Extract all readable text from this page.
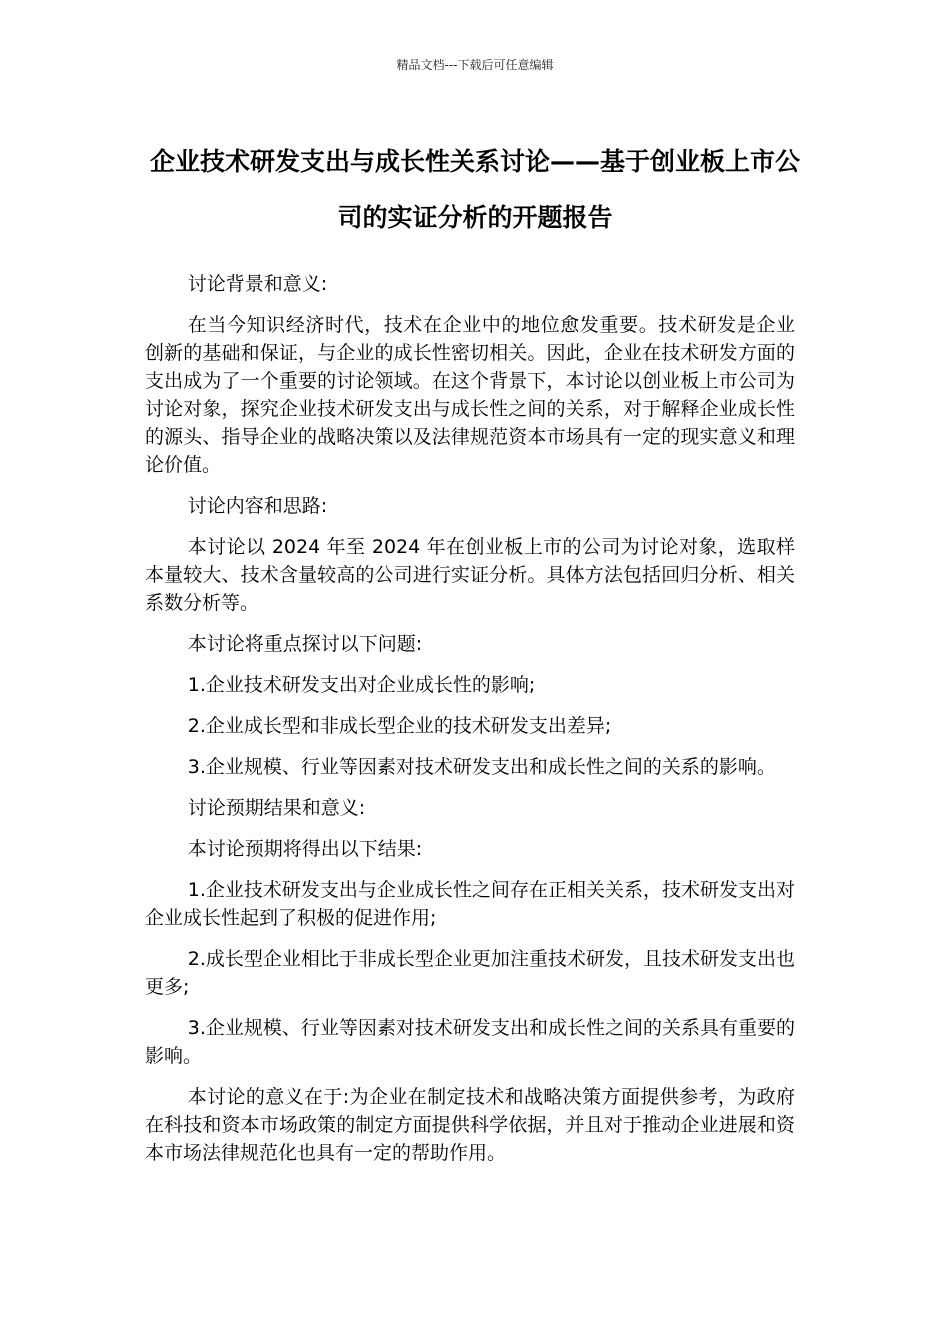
精品文档---下载后可任意编辑
企业技术研发支出与成长性关系讨论——基于创业板上市公司的实证分析的开题报告

讨论背景和意义:

在当今知识经济时代，技术在企业中的地位愈发重要。技术研发是企业创新的基础和保证，与企业的成长性密切相关。因此，企业在技术研发方面的支出成为了一个重要的讨论领域。在这个背景下，本讨论以创业板上市公司为讨论对象，探究企业技术研发支出与成长性之间的关系，对于解释企业成长性的源头、指导企业的战略决策以及法律规范资本市场具有一定的现实意义和理论价值。

讨论内容和思路:

本讨论以 2024 年至 2024 年在创业板上市的公司为讨论对象，选取样本量较大、技术含量较高的公司进行实证分析。具体方法包括回归分析、相关系数分析等。

本讨论将重点探讨以下问题:

1.企业技术研发支出对企业成长性的影响;

2.企业成长型和非成长型企业的技术研发支出差异;

3.企业规模、行业等因素对技术研发支出和成长性之间的关系的影响。

讨论预期结果和意义:

本讨论预期将得出以下结果:

1.企业技术研发支出与企业成长性之间存在正相关关系，技术研发支出对企业成长性起到了积极的促进作用;

2.成长型企业相比于非成长型企业更加注重技术研发，且技术研发支出也更多;

3.企业规模、行业等因素对技术研发支出和成长性之间的关系具有重要的影响。

本讨论的意义在于:为企业在制定技术和战略决策方面提供参考，为政府在科技和资本市场政策的制定方面提供科学依据，并且对于推动企业进展和资本市场法律规范化也具有一定的帮助作用。
